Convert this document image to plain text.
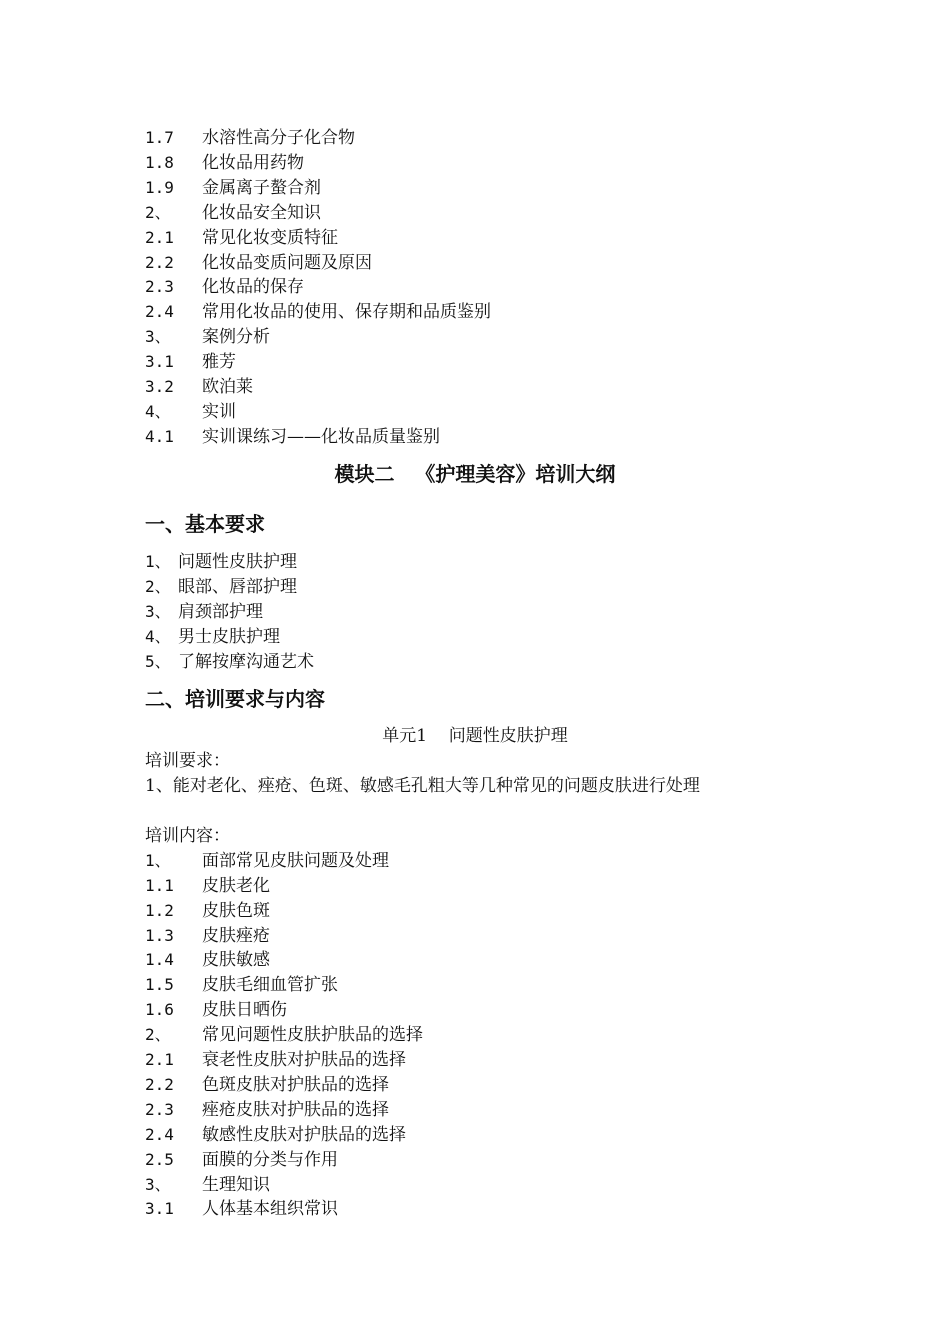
1.7 水溶性高分子化合物
1.8 化妆品用药物
1.9 金属离子螯合剂
2、 化妆品安全知识
2.1 常见化妆变质特征
2.2 化妆品变质问题及原因
2.3 化妆品的保存
2.4 常用化妆品的使用、保存期和品质鉴别
3、 案例分析
3.1 雅芳
3.2 欧泊莱
4、 实训
4.1 实训课练习——化妆品质量鉴别
模块二   《护理美容》培训大纲
一、基本要求
1、 问题性皮肤护理
2、 眼部、唇部护理
3、 肩颈部护理
4、 男士皮肤护理
5、 了解按摩沟通艺术
二、培训要求与内容
单元1    问题性皮肤护理
培训要求：
1、能对老化、痤疮、色斑、敏感毛孔粗大等几种常见的问题皮肤进行处理
培训内容：
1、 面部常见皮肤问题及处理
1.1 皮肤老化
1.2 皮肤色斑
1.3 皮肤痤疮
1.4 皮肤敏感
1.5 皮肤毛细血管扩张
1.6 皮肤日晒伤
2、 常见问题性皮肤护肤品的选择
2.1 衰老性皮肤对护肤品的选择
2.2 色斑皮肤对护肤品的选择
2.3 痤疮皮肤对护肤品的选择
2.4 敏感性皮肤对护肤品的选择
2.5 面膜的分类与作用
3、 生理知识
3.1 人体基本组织常识
